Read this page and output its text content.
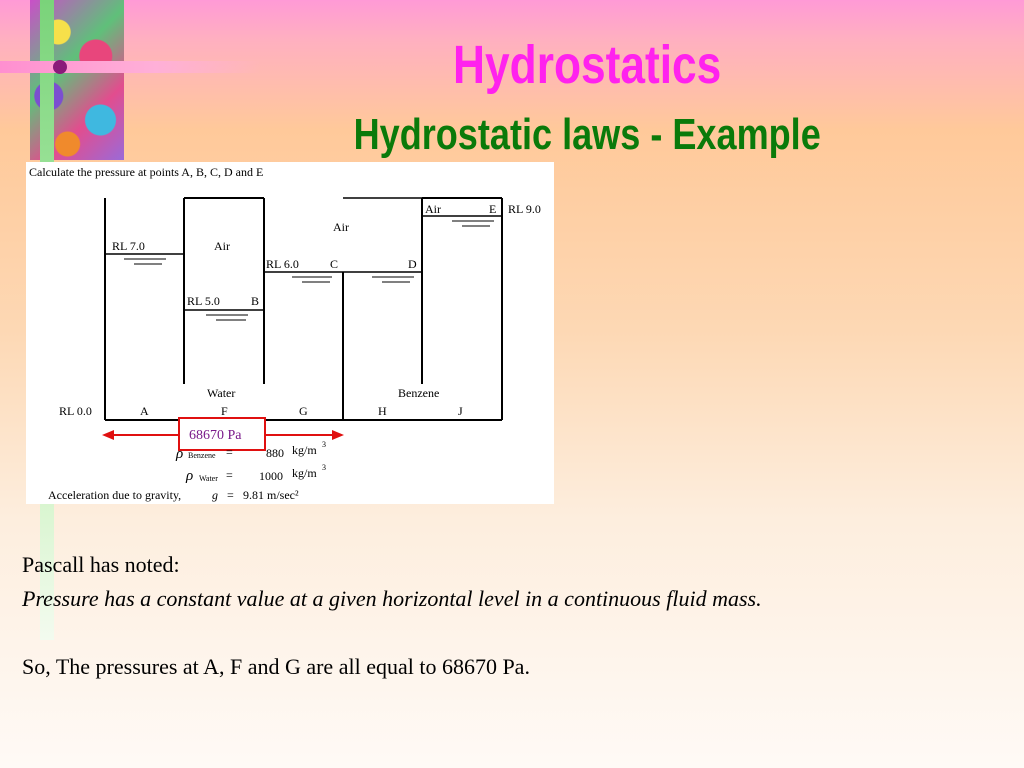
Hydrostatics
Hydrostatic laws - Example
Calculate the pressure at points A, B, C, D and E
Air	E RL 9.0
Air
RL 7.0	Air
RL 6.0	C	D
RL 5.0	B
Water	Benzene
RL 0.0	A	F	G	H	J
68670 Pa
ρ Benzene =	880 kg/m 3
ρ Water = 1000 kg/m 3
Acceleration due to gravity,	g = 9.81 m/sec²
Pascall has noted:
Pressure has a constant value at a given horizontal level in a continuous fluid mass.
So, The pressures at A, F and G are all equal to 68670 Pa.
